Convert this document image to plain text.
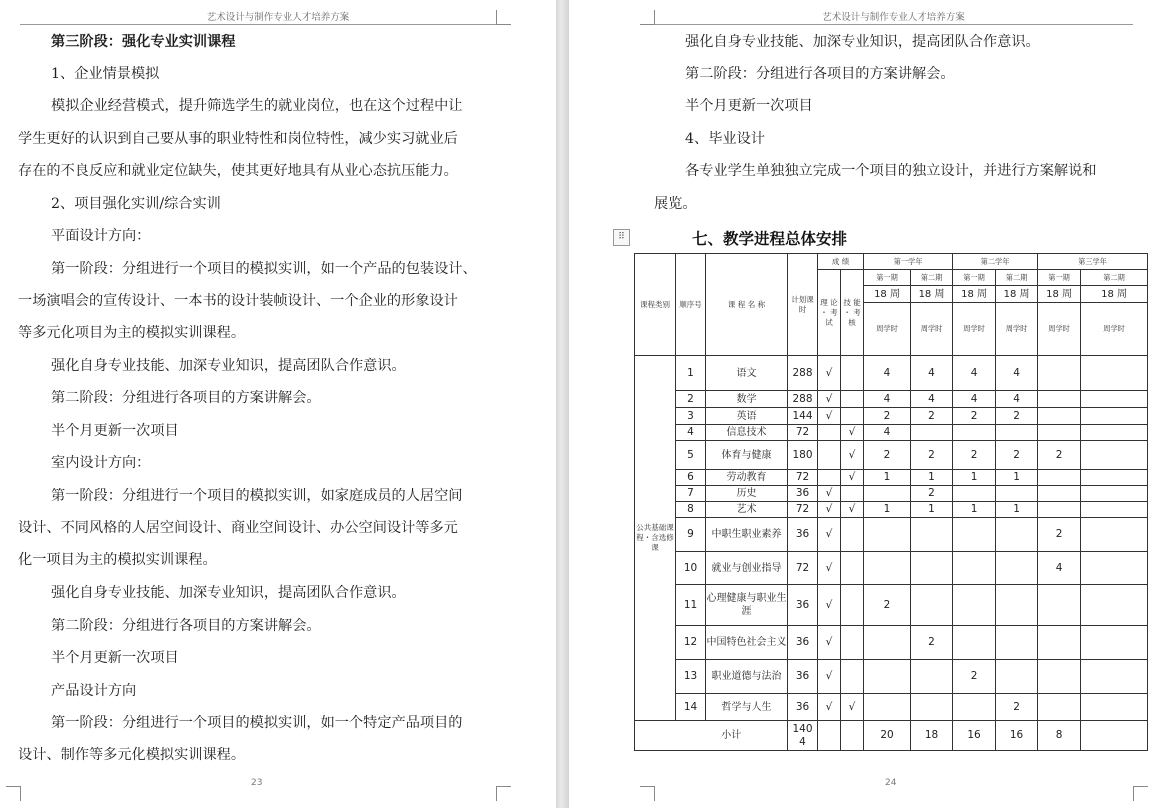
艺术设计与制作专业人才培养方案
第三阶段：强化专业实训课程
1、企业情景模拟
模拟企业经营模式，提升筛选学生的就业岗位，也在这个过程中让
学生更好的认识到自己要从事的职业特性和岗位特性，减少实习就业后
存在的不良反应和就业定位缺失，使其更好地具有从业心态抗压能力。
2、项目强化实训/综合实训
平面设计方向：
第一阶段：分组进行一个项目的模拟实训，如一个产品的包装设计、
一场演唱会的宣传设计、一本书的设计装帧设计、一个企业的形象设计
等多元化项目为主的模拟实训课程。
强化自身专业技能、加深专业知识，提高团队合作意识。
第二阶段：分组进行各项目的方案讲解会。
半个月更新一次项目
室内设计方向：
第一阶段：分组进行一个项目的模拟实训，如家庭成员的人居空间
设计、不同风格的人居空间设计、商业空间设计、办公空间设计等多元
化一项目为主的模拟实训课程。
强化自身专业技能、加深专业知识，提高团队合作意识。
第二阶段：分组进行各项目的方案讲解会。
半个月更新一次项目
产品设计方向
第一阶段：分组进行一个项目的模拟实训，如一个特定产品项目的
设计、制作等多元化模拟实训课程。
23
艺术设计与制作专业人才培养方案
24
强化自身专业技能、加深专业知识，提高团队合作意识。
第二阶段：分组进行各项目的方案讲解会。
半个月更新一次项目
4、毕业设计
各专业学生单独独立完成一个项目的独立设计，并进行方案解说和
展览。
⠿	七、教学进程总体安排
课程类别	顺序号	课 程 名 称	计划课时	成 绩		第一学年		第二学年		第三学年	
				理 论 ・ 考 试	技 能 ・ 考 核	第一期	第二期	第一期	第二期	第一期	第二期
						18 周	18 周	18 周	18 周	18 周	18 周
						周学时	周学时	周学时	周学时	周学时	周学时
公共基础课程・含选修课	1	语文	288	√		4	4	4	4		
	2	数学	288	√		4	4	4	4		
	3	英语	144	√		2	2	2	2		
	4	信息技术	72		√	4					
	5	体育与健康	180		√	2	2	2	2	2	
	6	劳动教育	72		√	1	1	1	1		
	7	历史	36	√			2				
	8	艺术	72	√	√	1	1	1	1		
	9	中职生职业素养	36	√						2	
	10	就业与创业指导	72	√						4	
	11	心理健康与职业生涯	36	√		2					
	12	中国特色社会主义	36	√			2				
	13	职业道德与法治	36	√				2			
	14	哲学与人生	36	√	√				2		
	小计		1404			20	18	16	16	8	
